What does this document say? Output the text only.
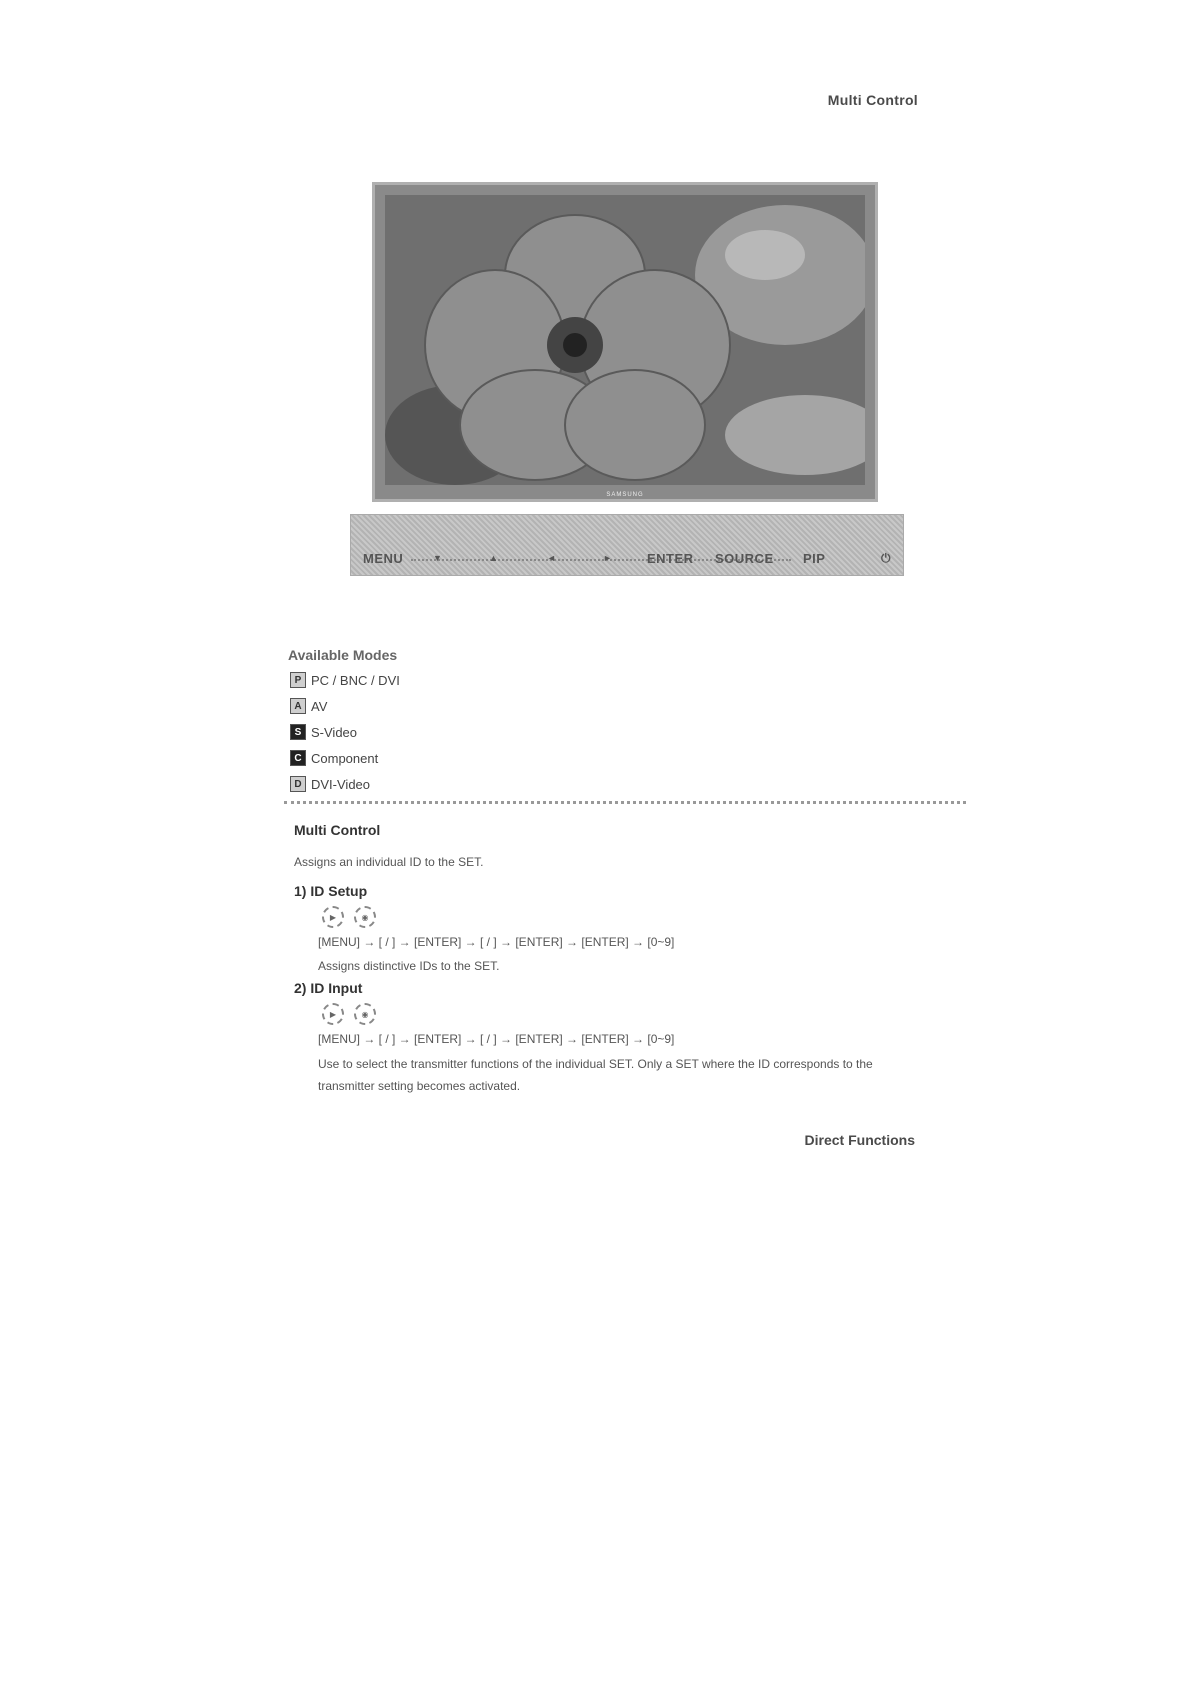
Multi Control
SAMSUNG
MENU	▼	▲	◄	►	ENTER SOURCE PIP	⏻
Available Modes
P PC / BNC / DVI
A AV
S S-Video
C Component
D DVI-Video
Multi Control
Assigns an individual ID to the SET.
1) ID Setup
▶	◉
[MENU] → [ / ] → [ENTER] → [ / ] → [ENTER] → [ENTER] → [0~9]
Assigns distinctive IDs to the SET.
2) ID Input
▶	◉
[MENU] → [ / ] → [ENTER] → [ / ] → [ENTER] → [ENTER] → [0~9]
Use to select the transmitter functions of the individual SET. Only a SET where the ID corresponds to the
transmitter setting becomes activated.
Direct Functions
